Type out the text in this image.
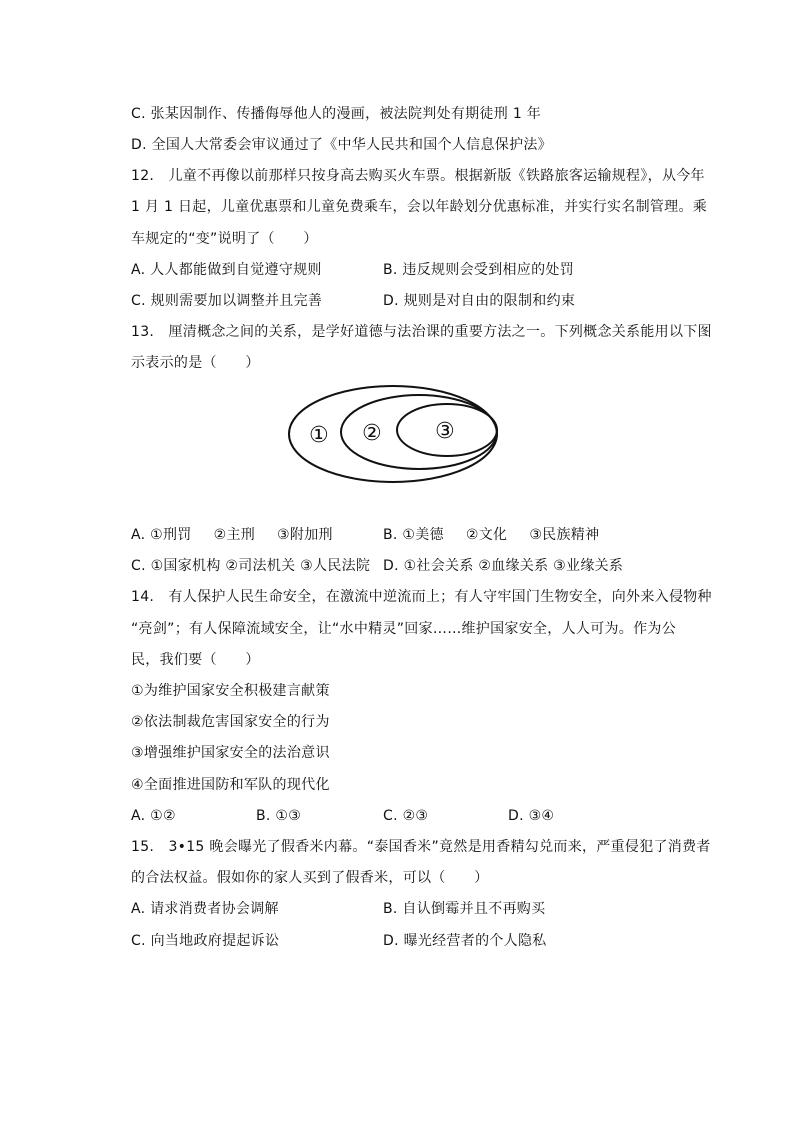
C. 张某因制作、传播侮辱他人的漫画，被法院判处有期徒刑 1 年
D. 全国人大常委会审议通过了《中华人民共和国个人信息保护法》
12.　儿童不再像以前那样只按身高去购买火车票。根据新版《铁路旅客运输规程》，从今年
1 月 1 日起，儿童优惠票和儿童免费乘车，会以年龄划分优惠标准，并实行实名制管理。乘
车规定的“变”说明了（　　）
A. 人人都能做到自觉遵守规则	B. 违反规则会受到相应的处罚
C. 规则需要加以调整并且完善	D. 规则是对自由的限制和约束
13.　厘清概念之间的关系，是学好道德与法治课的重要方法之一。下列概念关系能用以下图
示表示的是（　　）
① ② ③
A. ①刑罚 ②主刑 ③附加刑	B. ①美德 ②文化 ③民族精神
C. ①国家机构 ②司法机关 ③人民法院 D. ①社会关系 ②血缘关系 ③业缘关系
14.　有人保护人民生命安全，在激流中逆流而上；有人守牢国门生物安全，向外来入侵物种
“亮剑”；有人保障流域安全，让“水中精灵”回家……维护国家安全，人人可为。作为公
民，我们要（　　）
①为维护国家安全积极建言献策
②依法制裁危害国家安全的行为
③增强维护国家安全的法治意识
④全面推进国防和军队的现代化
A. ①②	B. ①③	C. ②③	D. ③④
15.　3•15 晚会曝光了假香米内幕。“泰国香米”竟然是用香精勾兑而来，严重侵犯了消费者
的合法权益。假如你的家人买到了假香米，可以（　　）
A. 请求消费者协会调解	B. 自认倒霉并且不再购买
C. 向当地政府提起诉讼	D. 曝光经营者的个人隐私
